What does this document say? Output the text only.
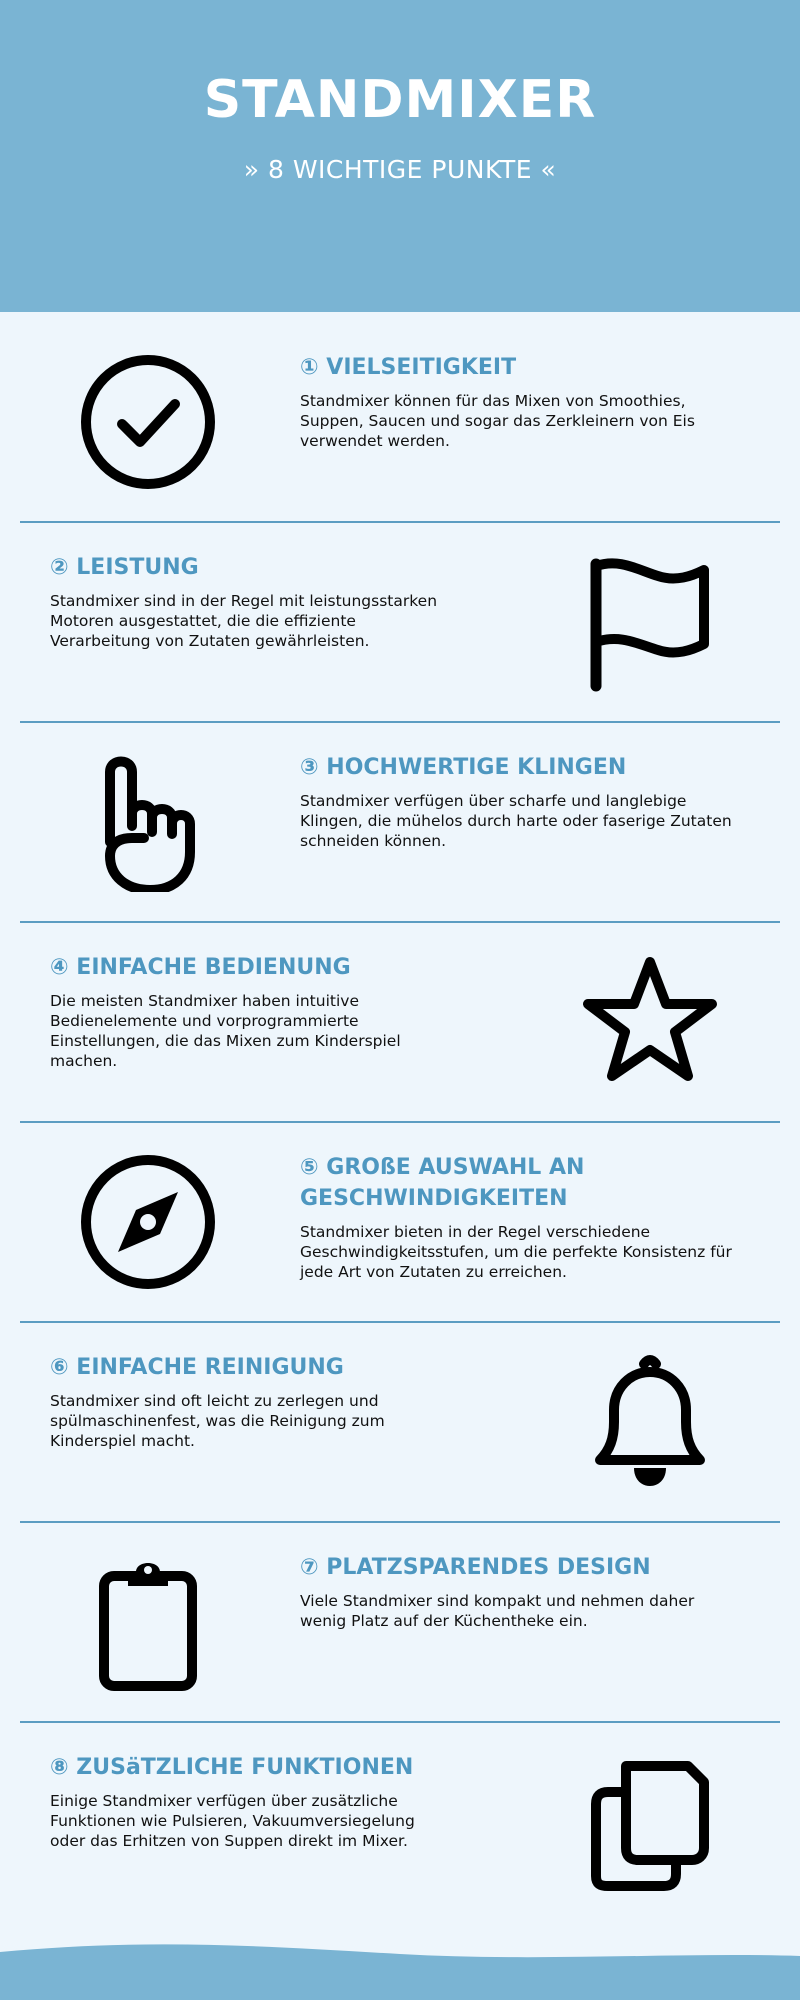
STANDMIXER
» 8 WICHTIGE PUNKTE «
① VIELSEITIGKEIT
Standmixer können für das Mixen von Smoothies, Suppen, Saucen und sogar das Zerkleinern von Eis verwendet werden.
② LEISTUNG
Standmixer sind in der Regel mit leistungsstarken Motoren ausgestattet, die die effiziente Verarbeitung von Zutaten gewährleisten.
③ HOCHWERTIGE KLINGEN
Standmixer verfügen über scharfe und langlebige Klingen, die mühelos durch harte oder faserige Zutaten schneiden können.
④ EINFACHE BEDIENUNG
Die meisten Standmixer haben intuitive Bedienelemente und vorprogrammierte Einstellungen, die das Mixen zum Kinderspiel machen.
⑤ GROßE AUSWAHL AN GESCHWINDIGKEITEN
Standmixer bieten in der Regel verschiedene Geschwindigkeitsstufen, um die perfekte Konsistenz für jede Art von Zutaten zu erreichen.
⑥ EINFACHE REINIGUNG
Standmixer sind oft leicht zu zerlegen und spülmaschinenfest, was die Reinigung zum Kinderspiel macht.
⑦ PLATZSPARENDES DESIGN
Viele Standmixer sind kompakt und nehmen daher wenig Platz auf der Küchentheke ein.
⑧ ZUSäTZLICHE FUNKTIONEN
Einige Standmixer verfügen über zusätzliche Funktionen wie Pulsieren, Vakuumversiegelung oder das Erhitzen von Suppen direkt im Mixer.
